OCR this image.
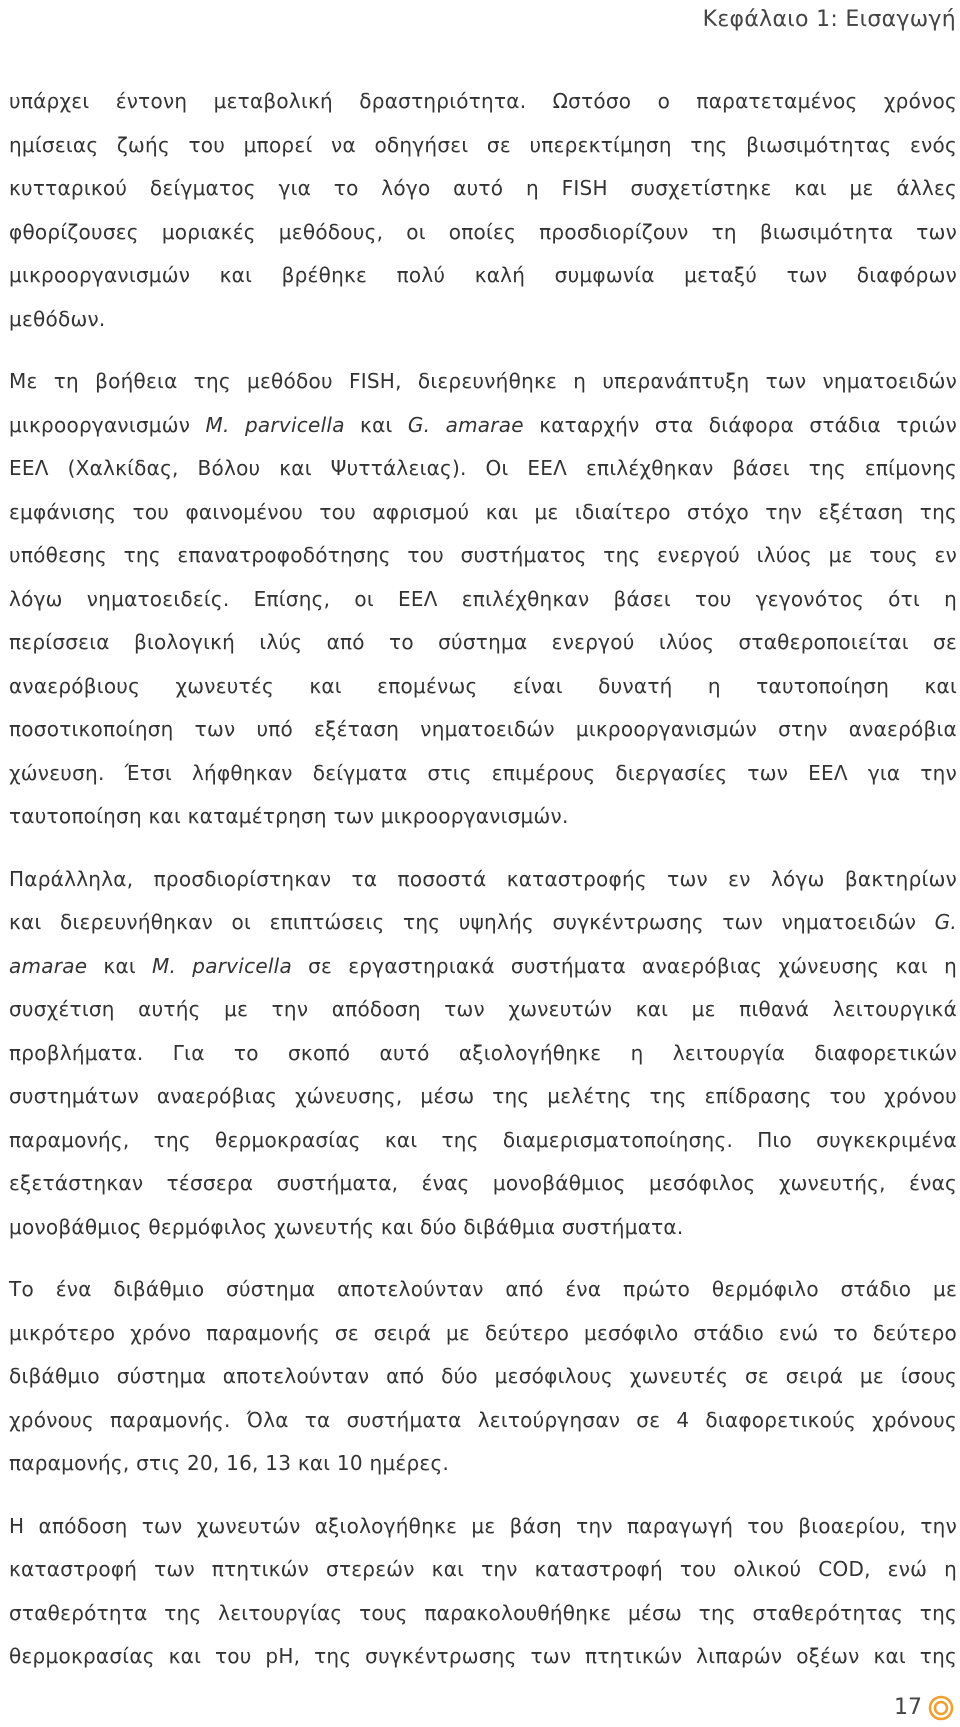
Κεφάλαιο 1: Εισαγωγή
υπάρχει έντονη μεταβολική δραστηριότητα. Ωστόσο ο παρατεταμένος χρόνος
ημίσειας ζωής του μπορεί να οδηγήσει σε υπερεκτίμηση της βιωσιμότητας ενός
κυτταρικού δείγματος για το λόγο αυτό η FISH συσχετίστηκε και με άλλες
φθορίζουσες μοριακές μεθόδους, οι οποίες προσδιορίζουν τη βιωσιμότητα των
μικροοργανισμών και βρέθηκε πολύ καλή συμφωνία μεταξύ των διαφόρων
μεθόδων.
Με τη βοήθεια της μεθόδου FISH, διερευνήθηκε η υπερανάπτυξη των νηματοειδών
μικροοργανισμών M. parvicella και G. amarae καταρχήν στα διάφορα στάδια τριών
ΕΕΛ (Χαλκίδας, Βόλου και Ψυττάλειας). Οι ΕΕΛ επιλέχθηκαν βάσει της επίμονης
εμφάνισης του φαινομένου του αφρισμού και με ιδιαίτερο στόχο την εξέταση της
υπόθεσης της επανατροφοδότησης του συστήματος της ενεργού ιλύος με τους εν
λόγω νηματοειδείς. Επίσης, οι ΕΕΛ επιλέχθηκαν βάσει του γεγονότος ότι η
περίσσεια βιολογική ιλύς από το σύστημα ενεργού ιλύος σταθεροποιείται σε
αναερόβιους χωνευτές και επομένως είναι δυνατή η ταυτοποίηση και
ποσοτικοποίηση των υπό εξέταση νηματοειδών μικροοργανισμών στην αναερόβια
χώνευση. Έτσι λήφθηκαν δείγματα στις επιμέρους διεργασίες των ΕΕΛ για την
ταυτοποίηση και καταμέτρηση των μικροοργανισμών.
Παράλληλα, προσδιορίστηκαν τα ποσοστά καταστροφής των εν λόγω βακτηρίων
και διερευνήθηκαν οι επιπτώσεις της υψηλής συγκέντρωσης των νηματοειδών G.
amarae και M. parvicella σε εργαστηριακά συστήματα αναερόβιας χώνευσης και η
συσχέτιση αυτής με την απόδοση των χωνευτών και με πιθανά λειτουργικά
προβλήματα. Για το σκοπό αυτό αξιολογήθηκε η λειτουργία διαφορετικών
συστημάτων αναερόβιας χώνευσης, μέσω της μελέτης της επίδρασης του χρόνου
παραμονής, της θερμοκρασίας και της διαμερισματοποίησης. Πιο συγκεκριμένα
εξετάστηκαν τέσσερα συστήματα, ένας μονοβάθμιος μεσόφιλος χωνευτής, ένας
μονοβάθμιος θερμόφιλος χωνευτής και δύο διβάθμια συστήματα.
Το ένα διβάθμιο σύστημα αποτελούνταν από ένα πρώτο θερμόφιλο στάδιο με
μικρότερο χρόνο παραμονής σε σειρά με δεύτερο μεσόφιλο στάδιο ενώ το δεύτερο
διβάθμιο σύστημα αποτελούνταν από δύο μεσόφιλους χωνευτές σε σειρά με ίσους
χρόνους παραμονής. Όλα τα συστήματα λειτούργησαν σε 4 διαφορετικούς χρόνους
παραμονής, στις 20, 16, 13 και 10 ημέρες.
Η απόδοση των χωνευτών αξιολογήθηκε με βάση την παραγωγή του βιοαερίου, την
καταστροφή των πτητικών στερεών και την καταστροφή του ολικού COD, ενώ η
σταθερότητα της λειτουργίας τους παρακολουθήθηκε μέσω της σταθερότητας της
θερμοκρασίας και του pH, της συγκέντρωσης των πτητικών λιπαρών οξέων και της
17
